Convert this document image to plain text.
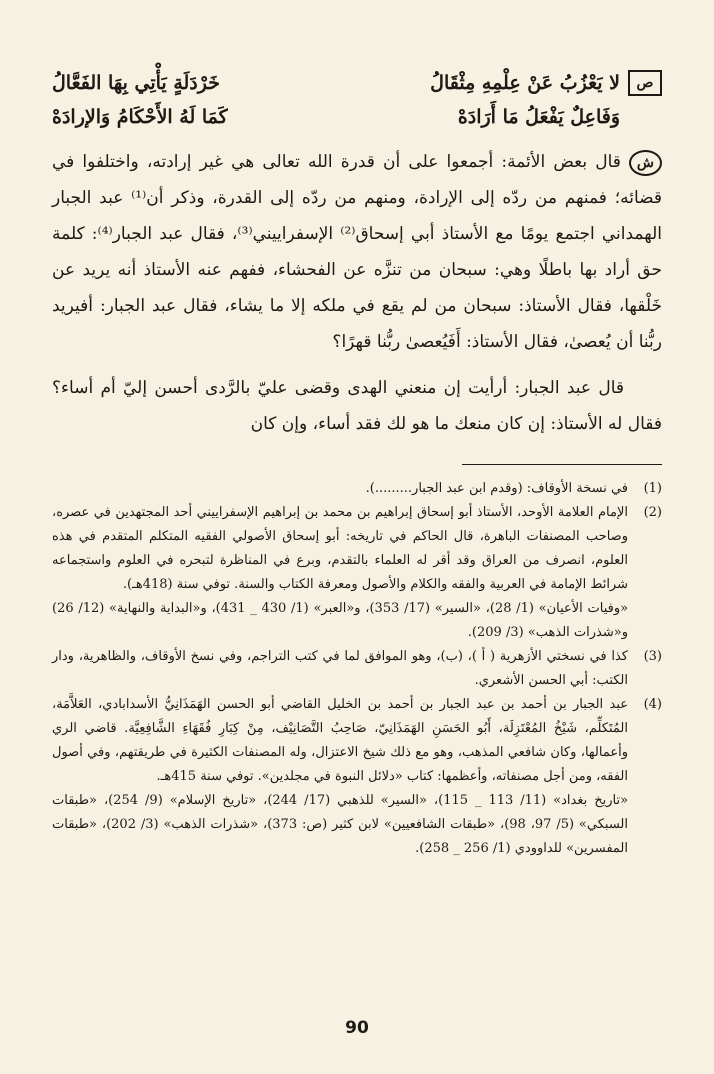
ص
لا يَعْزُبُ عَنْ عِلْمِهِ مِثْقَالُ
خَرْدَلَةٍ يَأْتِي بِهَا الفَعَّالُ
وَفَاعِلٌ يَفْعَلُ مَا أَرَادَهْ
كَمَا لَهُ الأَحْكَامُ وَالإرادَهْ

شقال بعض الأئمة: أجمعوا على أن قدرة الله تعالى هي غير إرادته، واختلفوا في قضائه؛ فمنهم من ردّه إلى الإرادة، ومنهم من ردّه إلى القدرة، وذكر أن⁽¹⁾ عبد الجبار الهمداني اجتمع يومًا مع الأستاذ أبي إسحاق⁽²⁾ الإسفراييني⁽³⁾، فقال عبد الجبار⁽⁴⁾: كلمة حق أراد بها باطلًا وهي: سبحان من تنزَّه عن الفحشاء، ففهم عنه الأستاذ أنه يريد عن خَلْقها، فقال الأستاذ: سبحان من لم يقع في ملكه إلا ما يشاء، فقال عبد الجبار: أفيريد ربُّنا أن يُعصىٰ، فقال الأستاذ: أَفَيُعصىٰ ربُّنا قهرًا؟

قال عبد الجبار: أرأيت إن منعني الهدى وقضى عليّ بالرَّدى أحسن إليّ أم أساء؟ فقال له الأستاذ: إن كان منعك ما هو لك فقد أساء، وإن كان

(1)
في نسخة الأوقاف: (وقدم ابن عبد الجبار.........).
(2)
الإمام العلامة الأوحد، الأستاذ أبو إسحاق إبراهيم بن محمد بن إبراهيم الإسفراييني أحد المجتهدين في عصره، وصاحب المصنفات الباهرة، قال الحاكم في تاريخه: أبو إسحاق الأصولي الفقيه المتكلم المتقدم في هذه العلوم، انصرف من العراق وقد أقر له العلماء بالتقدم، وبرع في المناظرة لتبحره في العلوم واستجماعه شرائط الإمامة في العربية والفقه والكلام والأصول ومعرفة الكتاب والسنة. توفي سنة (418هـ).
«وفيات الأعيان» (1/ 28)، «السير» (17/ 353)، و«العبر» (1/ 430 _ 431)، و«البداية والنهاية» (12/ 26) و«شذرات الذهب» (3/ 209).
(3)
كذا في نسختي الأزهرية ( أ )، (ب)، وهو الموافق لما في كتب التراجم، وفي نسخ الأوقاف، والظاهرية، ودار الكتب: أبي الحسن الأشعري.
(4)
عبد الجبار بن أحمد بن عبد الجبار بن أحمد بن الخليل القاضي أبو الحسن الهَمَذَانِيُّ الأسدابادي، العَلاَّمَة، المُتَكلِّم، شَيْخُ المُعْتَزِلَة، أَبُو الحَسَنِ الهَمَذَانِيّ، صَاحِبُ التَّصَانِيْف، مِنْ كِبَارِ فُقَهَاءِ الشَّافِعِيَّة. قاضي الري وأعمالها، وكان شافعي المذهب، وهو مع ذلك شيخ الاعتزال، وله المصنفات الكثيرة في طريقتهم، وفي أصول الفقه، ومن أجل مصنفاته، وأعظمها: كتاب «دلائل النبوة في مجلدين». توفي سنة 415هـ.
«تاريخ بغداد» (11/ 113 _ 115)، «السير» للذهبي (17/ 244)، «تاريخ الإسلام» (9/ 254)، «طبقات السبكي» (5/ 97، 98)، «طبقات الشافعيين» لابن كثير (ص: 373)، «شذرات الذهب» (3/ 202)، «طبقات المفسرين» للداوودي (1/ 256 _ 258).
90
